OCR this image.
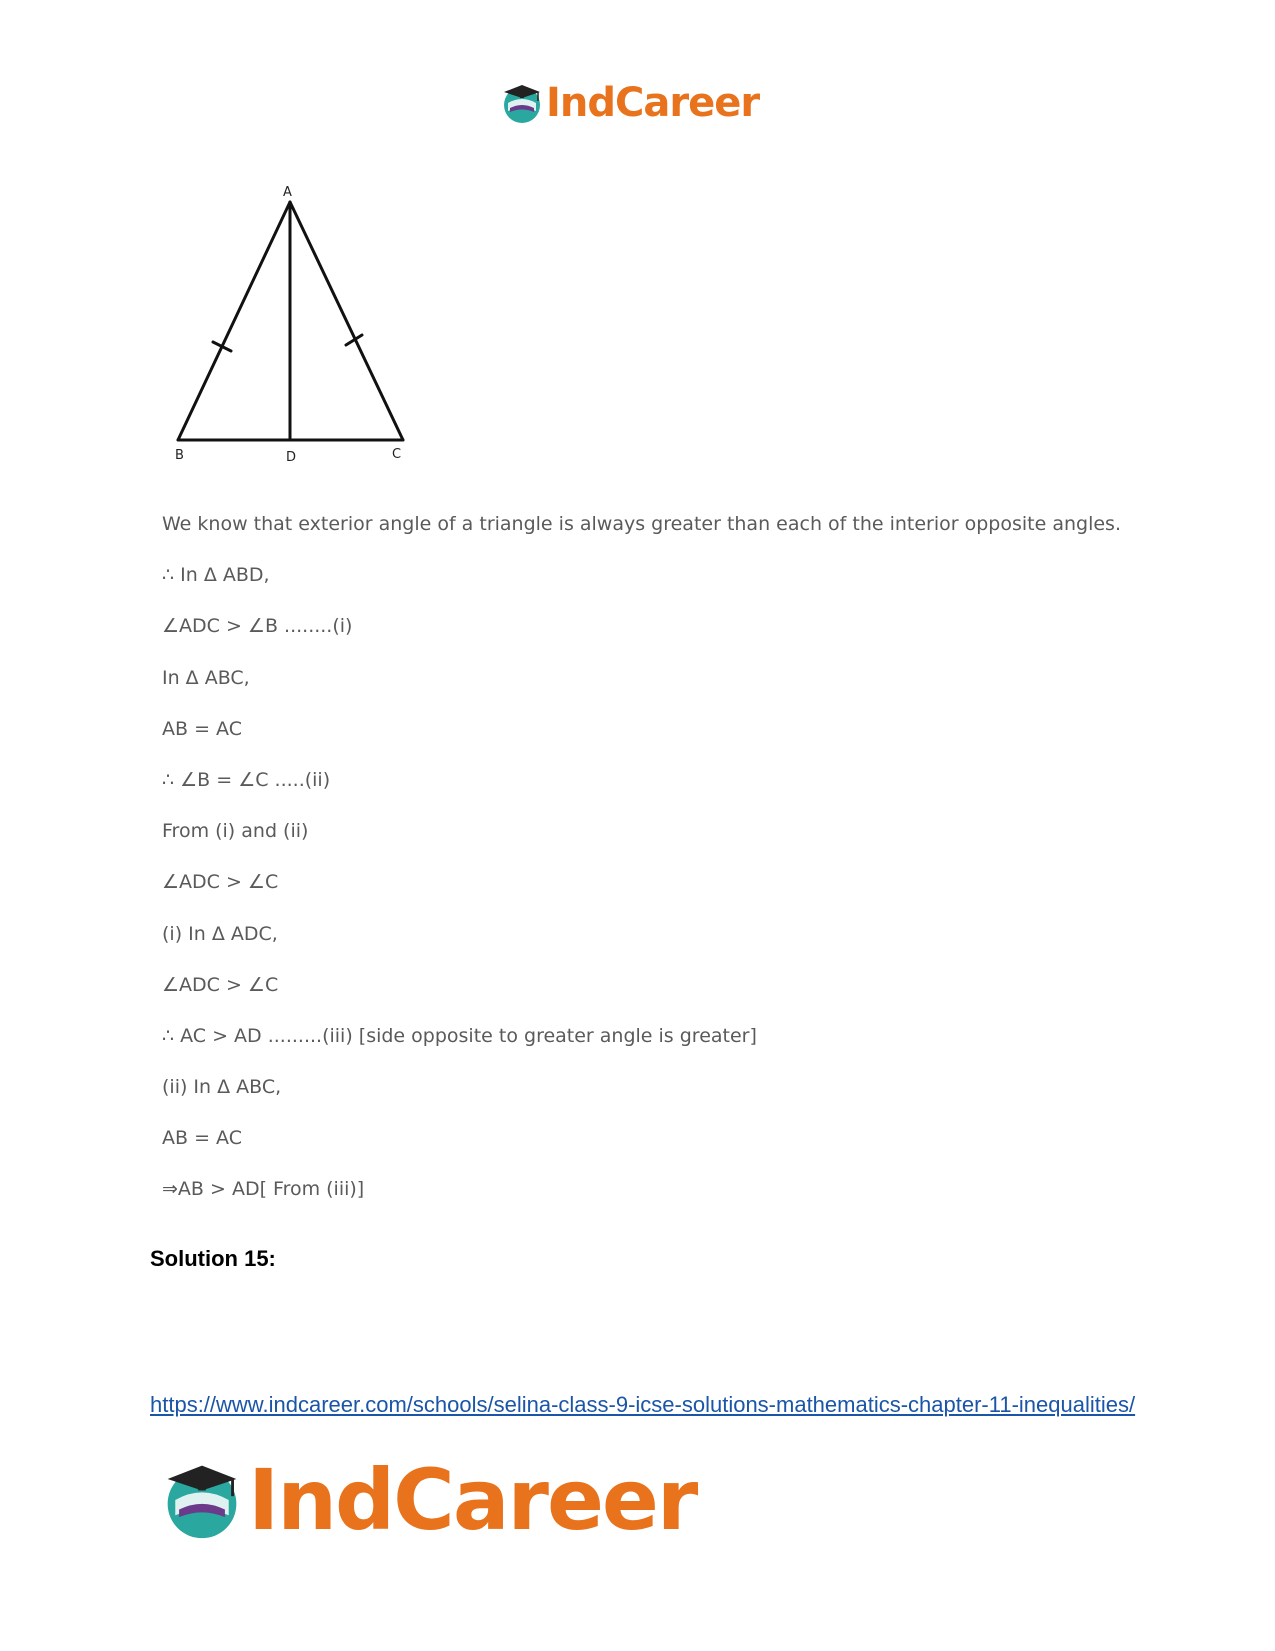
IndCareer
A
B	D	C
We know that exterior angle of a triangle is always greater than each of the interior opposite angles.
∴ In Δ ABD,
∠ADC > ∠B ........(i)
In Δ ABC,
AB = AC
∴ ∠B = ∠C .....(ii)
From (i) and (ii)
∠ADC > ∠C
(i) In Δ ADC,
∠ADC > ∠C
∴ AC > AD .........(iii) [side opposite to greater angle is greater]
(ii) In Δ ABC,
AB = AC
⇒AB > AD[ From (iii)]
Solution 15:
https://www.indcareer.com/schools/selina-class-9-icse-solutions-mathematics-chapter-11-inequalities/
IndCareer
